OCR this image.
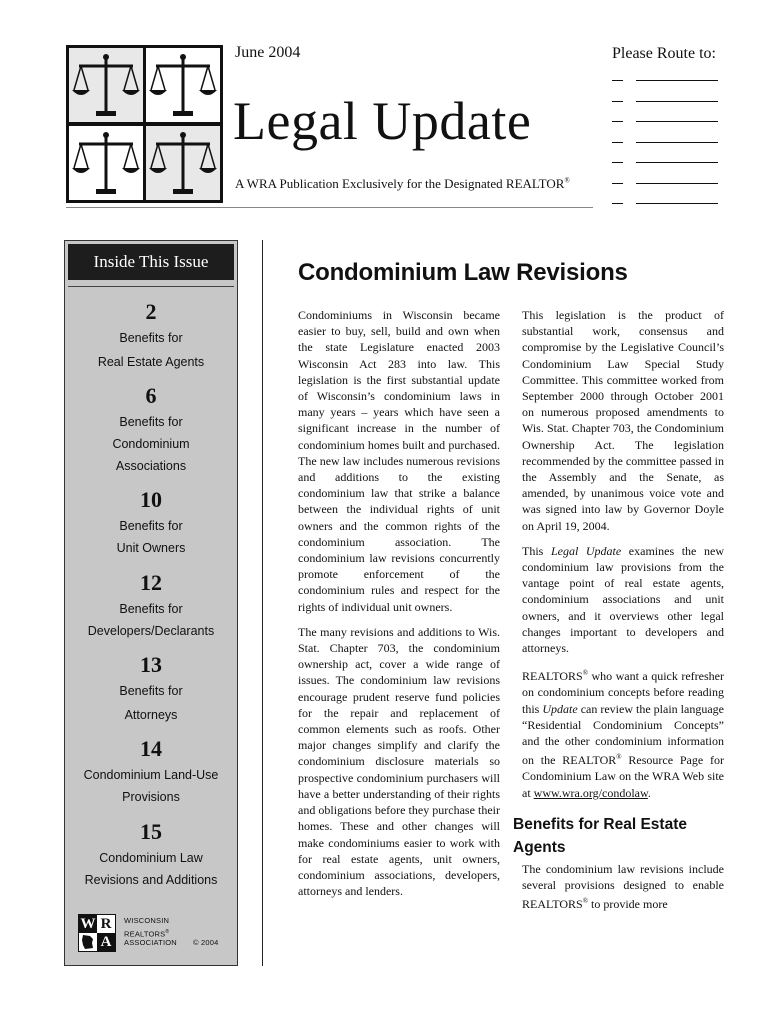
June 2004
Legal Update
A WRA Publication Exclusively for the Designated REALTOR®
Please Route to:
Inside This Issue
2
Benefits for
Real Estate Agents
6
Benefits for
Condominium
Associations
10
Benefits for
Unit Owners
12
Benefits for
Developers/Declarants
13
Benefits for
Attorneys
14
Condominium Land-Use
Provisions
15
Condominium Law
Revisions and Additions
W R
A
WISCONSIN
REALTORS®
ASSOCIATION © 2004
Condominium Law Revisions

Condominiums in Wisconsin became easier to buy, sell, build and own when the state Legislature enacted 2003 Wisconsin Act 283 into law. This legislation is the first substantial update of Wisconsin’s condominium laws in many years – years which have seen a significant increase in the number of condominium homes built and purchased. The new law includes numerous revisions and additions to the existing condominium law that strike a balance between the individual rights of unit owners and the common rights of the condominium association. The condominium law revisions concurrently promote enforcement of the condominium rules and respect for the rights of individual unit owners.

The many revisions and additions to Wis. Stat. Chapter 703, the condominium ownership act, cover a wide range of issues. The condominium law revisions encourage prudent reserve fund policies for the repair and replacement of common elements such as roofs. Other major changes simplify and clarify the condominium disclosure materials so prospective condominium purchasers will have a better understanding of their rights and obligations before they purchase their homes. These and other changes will make condominiums easier to work with for real estate agents, unit owners, condominium associations, developers, attorneys and lenders.

This legislation is the product of substantial work, consensus and compromise by the Legislative Council’s Condominium Law Special Study Committee. This committee worked from September 2000 through October 2001 on numerous proposed amendments to Wis. Stat. Chapter 703, the Condominium Ownership Act. The legislation recommended by the committee passed in the Assembly and the Senate, as amended, by unanimous voice vote and was signed into law by Governor Doyle on April 19, 2004.

This Legal Update examines the new condominium law provisions from the vantage point of real estate agents, condominium associations and unit owners, and it overviews other legal changes important to developers and attorneys.

REALTORS® who want a quick refresher on condominium concepts before reading this Update can review the plain language “Residential Condominium Concepts” and the other condominium information on the REALTOR® Resource Page for Condominium Law on the WRA Web site at www.wra.org/condolaw.

Benefits for Real Estate Agents

The condominium law revisions include several provisions designed to enable REALTORS® to provide more
